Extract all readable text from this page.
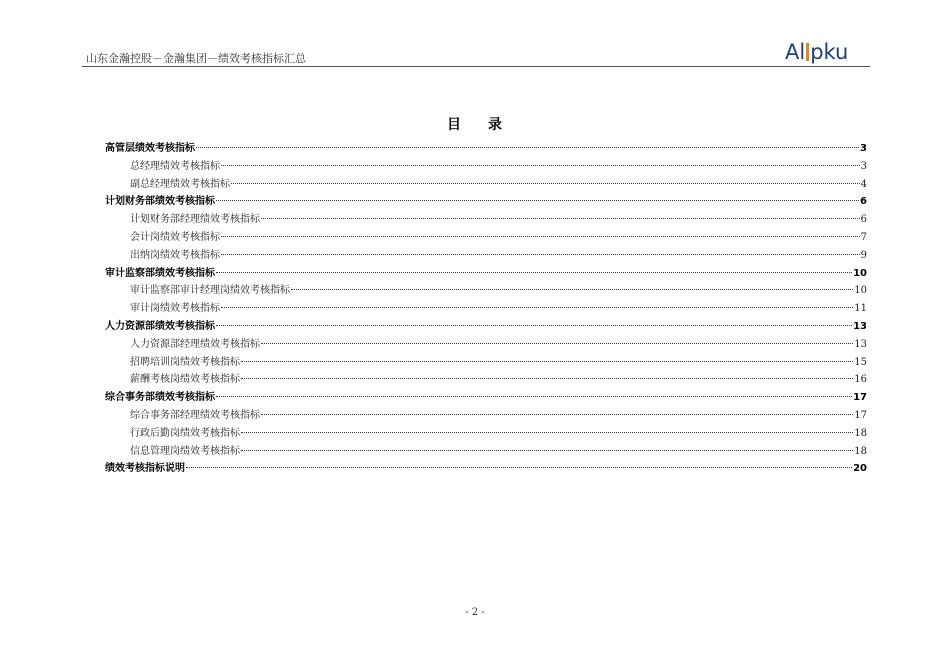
山东金瀚控股－金瀚集团－绩效考核指标汇总	Al pku
目 录
高管层绩效考核指标	3
总经理绩效考核指标	3
副总经理绩效考核指标	4
计划财务部绩效考核指标	6
计划财务部经理绩效考核指标	6
会计岗绩效考核指标	7
出纳岗绩效考核指标	9
审计监察部绩效考核指标	10
审计监察部审计经理岗绩效考核指标	10
审计岗绩效考核指标	11
人力资源部绩效考核指标	13
人力资源部经理绩效考核指标	13
招聘培训岗绩效考核指标	15
薪酬考核岗绩效考核指标	16
综合事务部绩效考核指标	17
综合事务部经理绩效考核指标	17
行政后勤岗绩效考核指标	18
信息管理岗绩效考核指标	18
绩效考核指标说明	20
- 2 -
